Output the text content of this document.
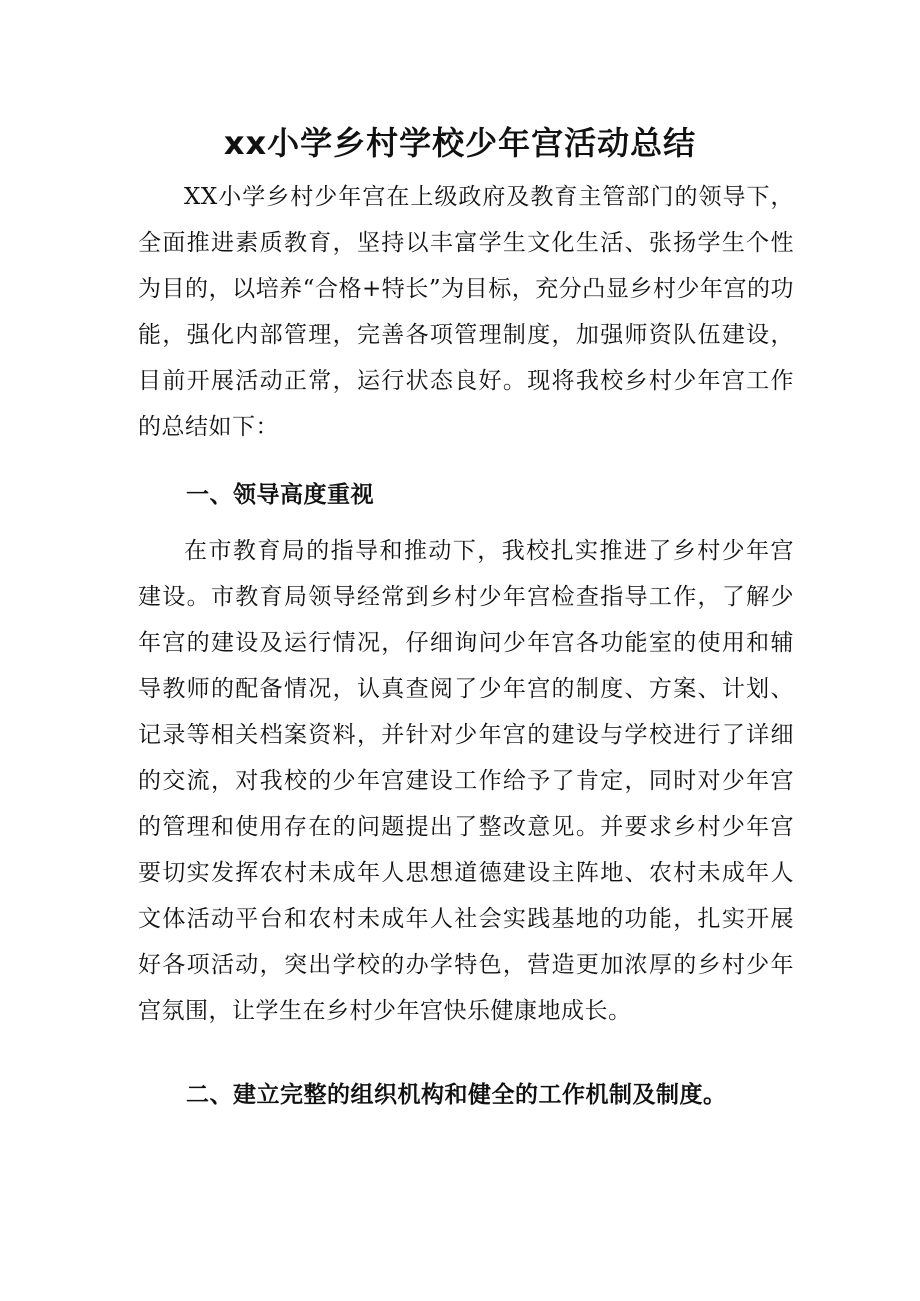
xx小学乡村学校少年宫活动总结
XX小学乡村少年宫在上级政府及教育主管部门的领导下，全面推进素质教育，坚持以丰富学生文化生活、张扬学生个性为目的，以培养“合格+特长”为目标，充分凸显乡村少年宫的功能，强化内部管理，完善各项管理制度，加强师资队伍建设，目前开展活动正常，运行状态良好。现将我校乡村少年宫工作的总结如下：
一、领导高度重视
在市教育局的指导和推动下，我校扎实推进了乡村少年宫建设。市教育局领导经常到乡村少年宫检查指导工作，了解少年宫的建设及运行情况，仔细询问少年宫各功能室的使用和辅导教师的配备情况，认真查阅了少年宫的制度、方案、计划、记录等相关档案资料，并针对少年宫的建设与学校进行了详细的交流，对我校的少年宫建设工作给予了肯定，同时对少年宫的管理和使用存在的问题提出了整改意见。并要求乡村少年宫要切实发挥农村未成年人思想道德建设主阵地、农村未成年人文体活动平台和农村未成年人社会实践基地的功能，扎实开展好各项活动，突出学校的办学特色，营造更加浓厚的乡村少年宫氛围，让学生在乡村少年宫快乐健康地成长。
二、建立完整的组织机构和健全的工作机制及制度。
